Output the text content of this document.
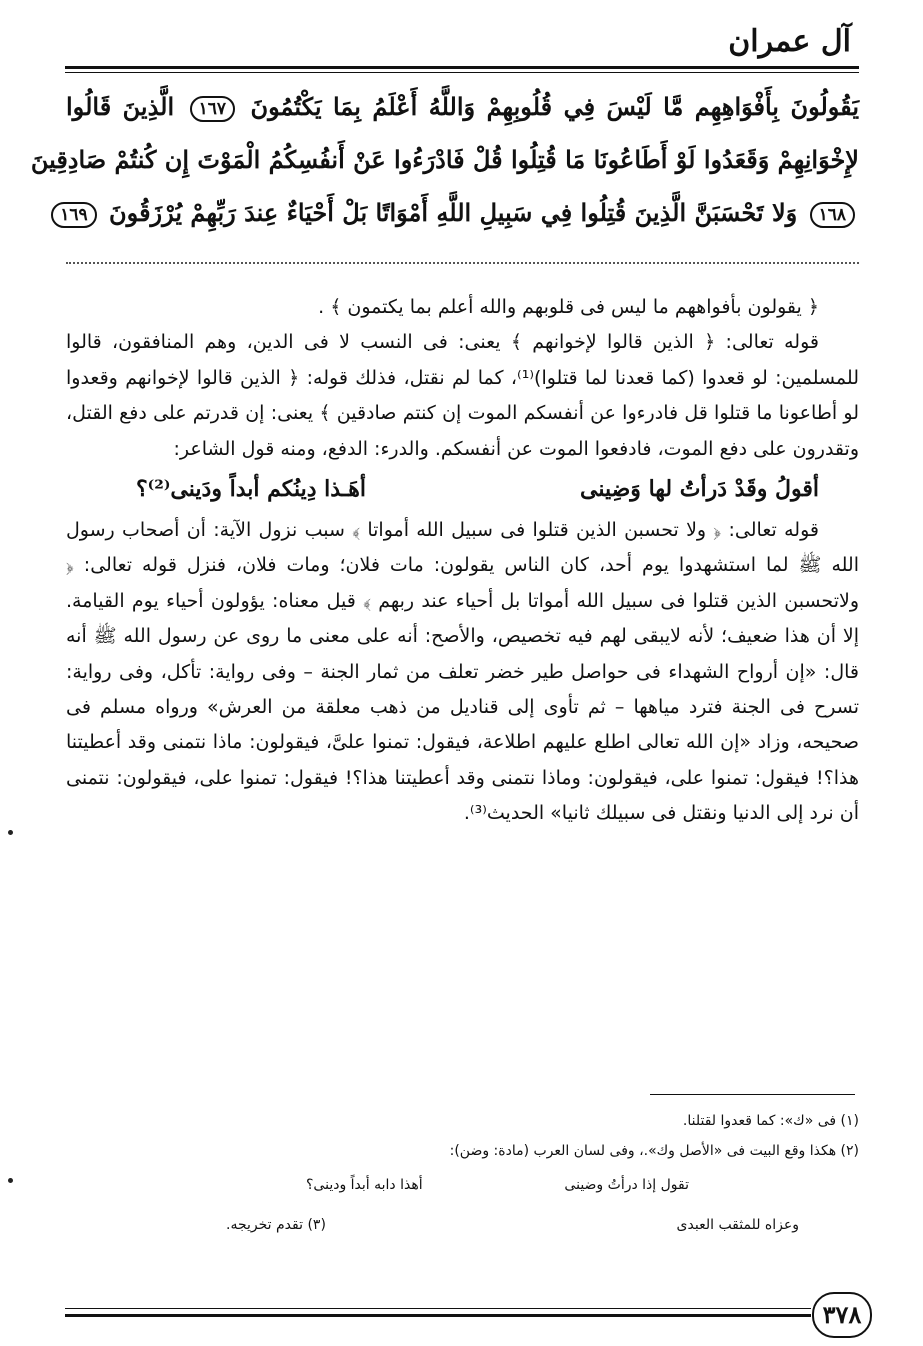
آل عمران
يَقُولُونَ بِأَفْوَاهِهِم مَّا لَيْسَ فِي قُلُوبِهِمْ وَاللَّهُ أَعْلَمُ بِمَا يَكْتُمُونَ ١٦٧ الَّذِينَ قَالُوا
لإِخْوَانِهِمْ وَقَعَدُوا لَوْ أَطَاعُونَا مَا قُتِلُوا قُلْ فَادْرَءُوا عَنْ أَنفُسِكُمُ الْمَوْتَ إِن كُنتُمْ صَادِقِينَ
١٦٨ وَلا تَحْسَبَنَّ الَّذِينَ قُتِلُوا فِي سَبِيلِ اللَّهِ أَمْوَاتًا بَلْ أَحْيَاءٌ عِندَ رَبِّهِمْ يُرْزَقُونَ ١٦٩

﴿ يقولون بأفواههم ما ليس فى قلوبهم والله أعلم بما يكتمون ﴾ .

قوله تعالى: ﴿ الذين قالوا لإخوانهم ﴾ يعنى: فى النسب لا فى الدين، وهم المنافقون، قالوا للمسلمين: لو قعدوا (كما قعدنا لما قتلوا)⁽¹⁾، كما لم نقتل، فذلك قوله: ﴿ الذين قالوا لإخوانهم وقعدوا لو أطاعونا ما قتلوا قل فادرءوا عن أنفسكم الموت إن كنتم صادقين ﴾ يعنى: إن قدرتم على دفع القتل، وتقدرون على دفع الموت، فادفعوا الموت عن أنفسكم. والدرء: الدفع، ومنه قول الشاعر:

أقولُ وقَدْ دَرأتُ لها وَضِينى
أهَـذا دِينُكم أبداً ودَينى⁽²⁾؟

قوله تعالى: ﴿ ولا تحسبن الذين قتلوا فى سبيل الله أمواتا ﴾ سبب نزول الآية: أن أصحاب رسول الله ﷺ لما استشهدوا يوم أحد، كان الناس يقولون: مات فلان؛ ومات فلان، فنزل قوله تعالى: ﴿ ولاتحسبن الذين قتلوا فى سبيل الله أمواتا بل أحياء عند ربهم ﴾ قيل معناه: يؤولون أحياء يوم القيامة. إلا أن هذا ضعيف؛ لأنه لايبقى لهم فيه تخصيص، والأصح: أنه على معنى ما روى عن رسول الله ﷺ أنه قال: «إن أرواح الشهداء فى حواصل طير خضر تعلف من ثمار الجنة – وفى رواية: تأكل، وفى رواية: تسرح فى الجنة فترد مياهها – ثم تأوى إلى قناديل من ذهب معلقة من العرش» ورواه مسلم فى صحيحه، وزاد «إن الله تعالى اطلع عليهم اطلاعة، فيقول: تمنوا علىَّ، فيقولون: ماذا نتمنى وقد أعطيتنا هذا؟! فيقول: تمنوا على، فيقولون: وماذا نتمنى وقد أعطيتنا هذا؟! فيقول: تمنوا على، فيقولون: نتمنى أن نرد إلى الدنيا ونقتل فى سبيلك ثانيا» الحديث⁽³⁾.

(١) فى «ك»: كما قعدوا لقتلنا.

(٢) هكذا وقع البيت فى «الأصل وك».، وفى لسان العرب (مادة: وضن):

تقول إذا درأتُ وضينى
أهذا دابه أبداً ودينى؟
وعزاه للمثقب العبدى
(٣) تقدم تخريجه.
٣٧٨
